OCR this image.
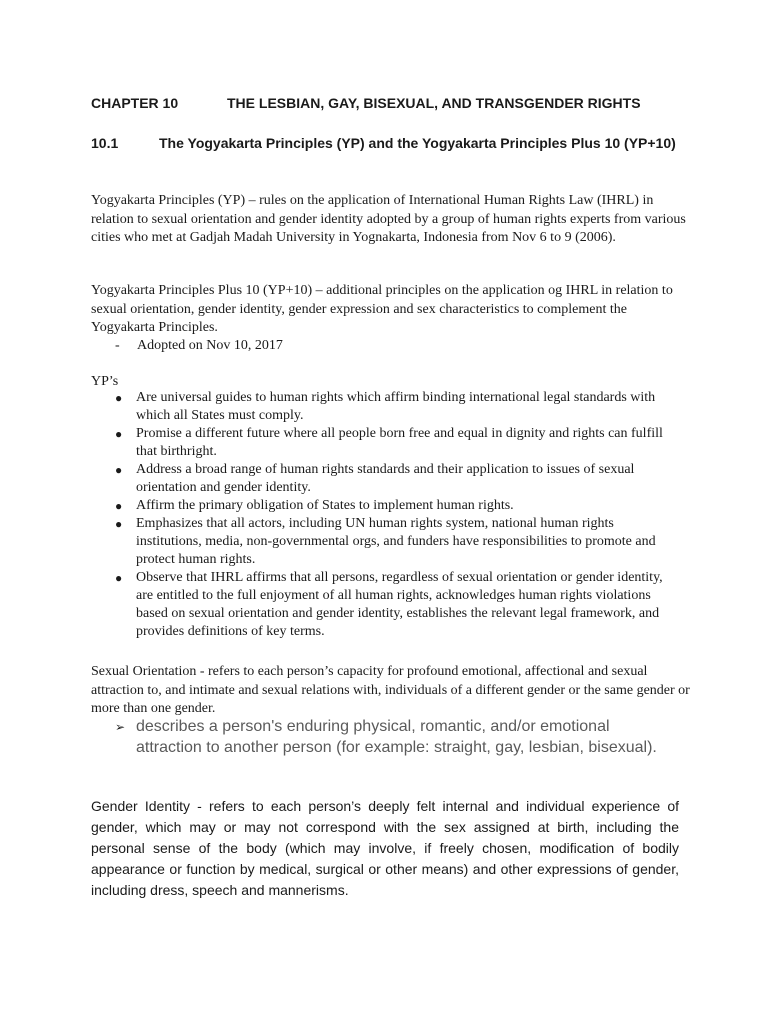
CHAPTER 10	THE LESBIAN, GAY, BISEXUAL, AND TRANSGENDER RIGHTS
10.1	The Yogyakarta Principles (YP) and the Yogyakarta Principles Plus 10 (YP+10)

Yogyakarta Principles (YP) – rules on the application of International Human Rights Law (IHRL) in relation to sexual orientation and gender identity adopted by a group of human rights experts from various cities who met at Gadjah Madah University in Yognakarta, Indonesia from Nov 6 to 9 (2006).

Yogyakarta Principles Plus 10 (YP+10) – additional principles on the application og IHRL in relation to sexual orientation, gender identity, gender expression and sex characteristics to complement the Yogyakarta Principles.

- Adopted on Nov 10, 2017

YP’s

● Are universal guides to human rights which affirm binding international legal standards with which all States must comply.
● Promise a different future where all people born free and equal in dignity and rights can fulfill that birthright.
● Address a broad range of human rights standards and their application to issues of sexual orientation and gender identity.
● Affirm the primary obligation of States to implement human rights.
● Emphasizes that all actors, including UN human rights system, national human rights institutions, media, non-governmental orgs, and funders have responsibilities to promote and protect human rights.
● Observe that IHRL affirms that all persons, regardless of sexual orientation or gender identity, are entitled to the full enjoyment of all human rights, acknowledges human rights violations based on sexual orientation and gender identity, establishes the relevant legal framework, and provides definitions of key terms.

Sexual Orientation - refers to each person’s capacity for profound emotional, affectional and sexual attraction to, and intimate and sexual relations with, individuals of a different gender or the same gender or more than one gender.

➢ describes a person's enduring physical, romantic, and/or emotional attraction to another person (for example: straight, gay, lesbian, bisexual).

Gender Identity - refers to each person’s deeply felt internal and individual experience of gender, which may or may not correspond with the sex assigned at birth, including the personal sense of the body (which may involve, if freely chosen, modification of bodily appearance or function by medical, surgical or other means) and other expressions of gender, including dress, speech and mannerisms.
